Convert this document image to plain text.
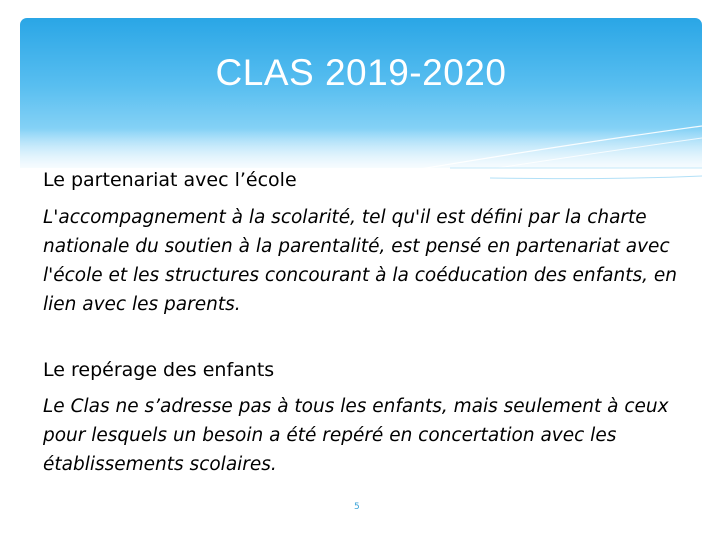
CLAS 2019-2020
Le partenariat avec l’école

L'accompagnement à la scolarité, tel qu'il est défini par la charte nationale du soutien à la parentalité, est pensé en partenariat avec l'école et les structures concourant à la coéducation des enfants, en lien avec les parents.

Le repérage des enfants

Le Clas ne s’adresse pas à tous les enfants, mais seulement à ceux pour lesquels un besoin a été repéré en concertation avec les établissements scolaires.

5
